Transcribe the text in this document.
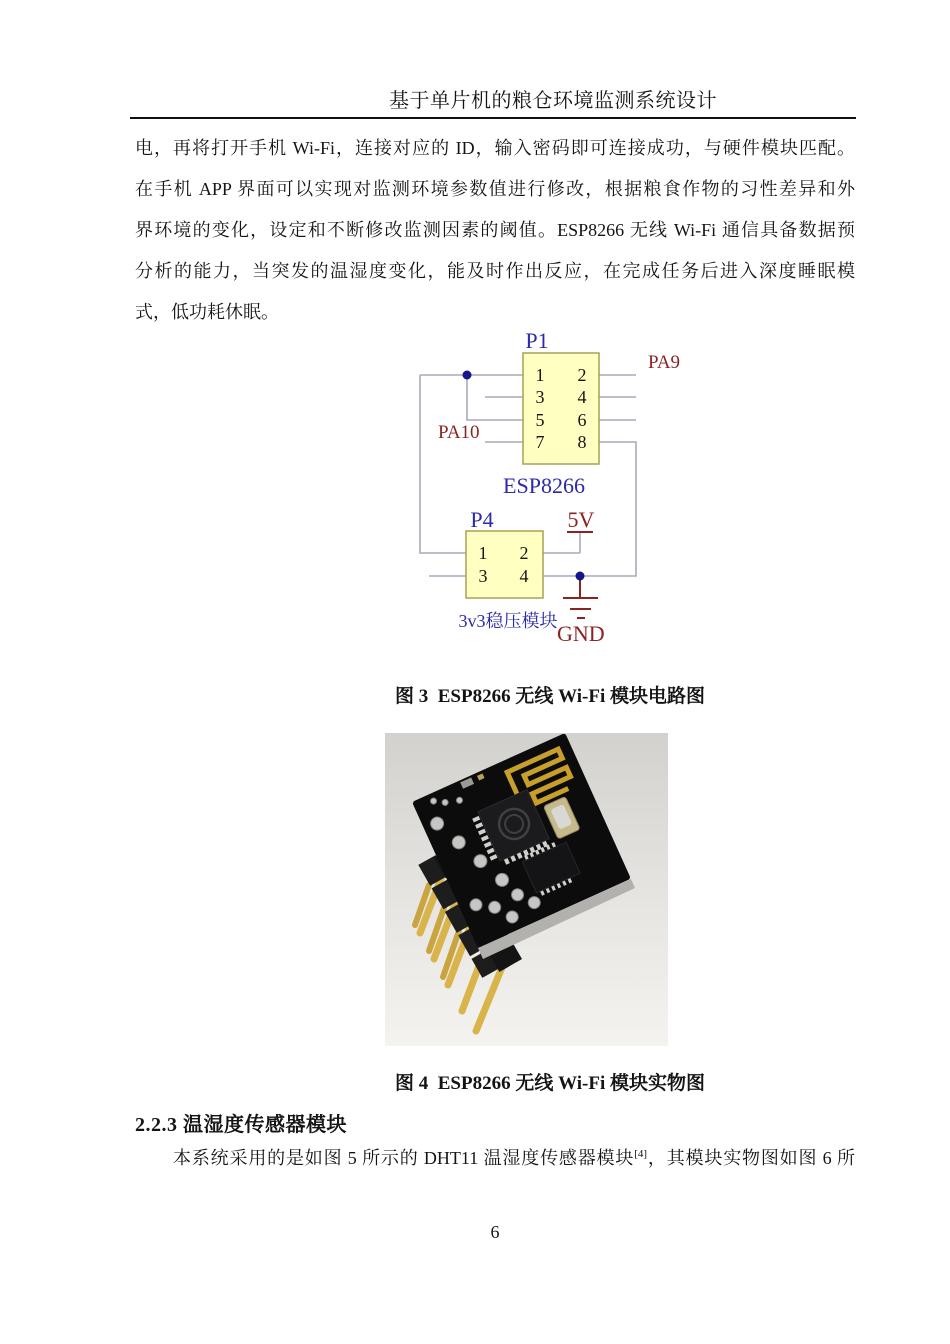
基于单片机的粮仓环境监测系统设计
电，再将打开手机 Wi-Fi，连接对应的 ID，输入密码即可连接成功，与硬件模块匹配。
在手机 APP 界面可以实现对监测环境参数值进行修改，根据粮食作物的习性差异和外
界环境的变化，设定和不断修改监测因素的阈值。ESP8266 无线 Wi-Fi 通信具备数据预
分析的能力，当突发的温湿度变化，能及时作出反应，在完成任务后进入深度睡眠模
式，低功耗休眠。
1 2
3 4
5 6
7 8
1 2
3 4
P1
PA9
PA10
ESP8266
P4	5V
3v3稳压模块 GND
图 3  ESP8266 无线 Wi-Fi 模块电路图
图 4  ESP8266 无线 Wi-Fi 模块实物图
2.2.3 温湿度传感器模块
本系统采用的是如图 5 所示的 DHT11 温湿度传感器模块[4]，其模块实物图如图 6 所
6
